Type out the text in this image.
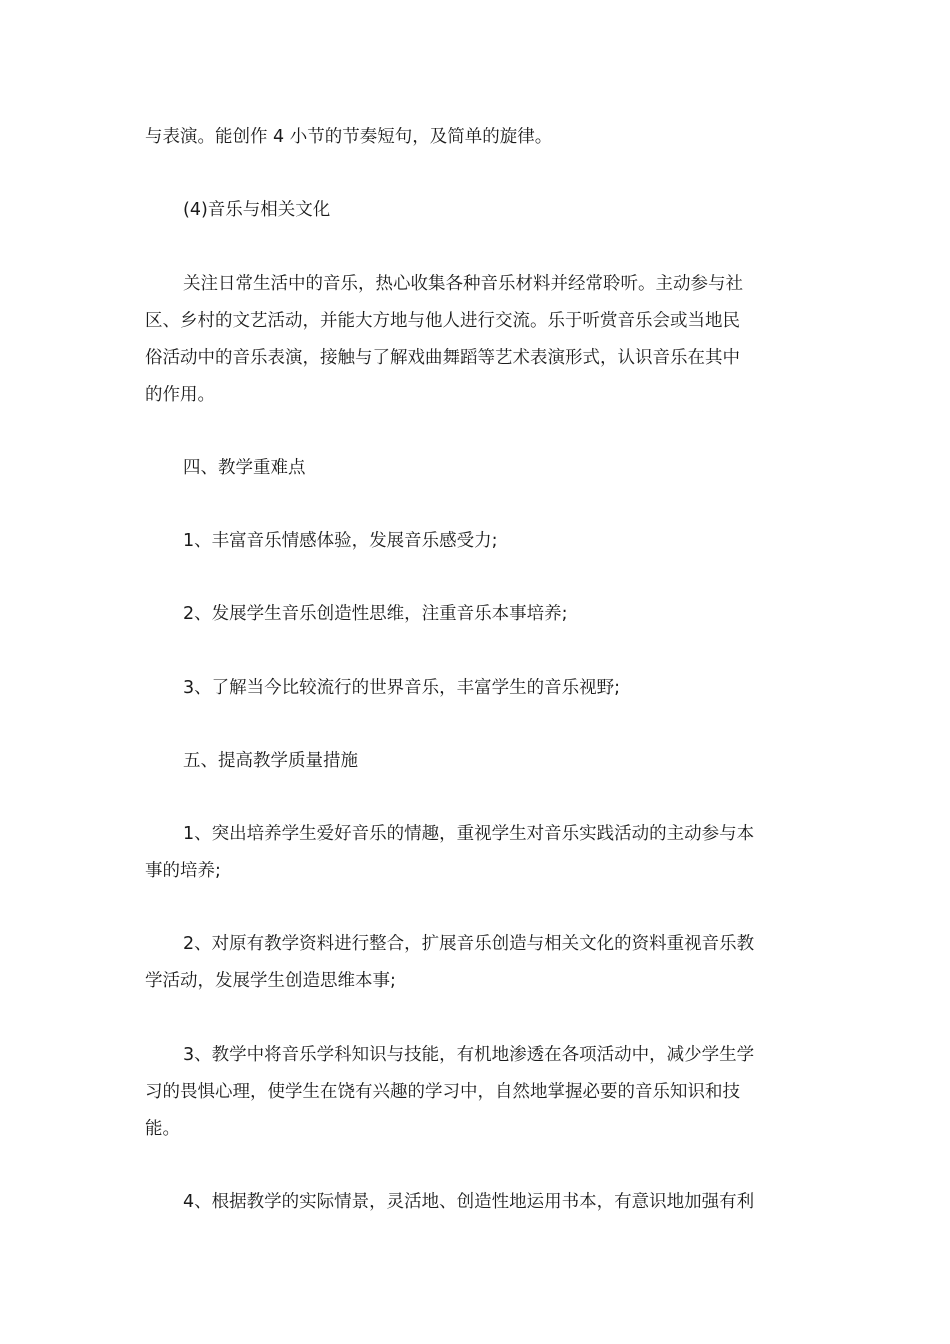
与表演。能创作 4 小节的节奏短句，及简单的旋律。

(4)音乐与相关文化

关注日常生活中的音乐，热心收集各种音乐材料并经常聆听。主动参与社
区、乡村的文艺活动，并能大方地与他人进行交流。乐于听赏音乐会或当地民
俗活动中的音乐表演，接触与了解戏曲舞蹈等艺术表演形式，认识音乐在其中
的作用。

四、教学重难点

1、丰富音乐情感体验，发展音乐感受力;

2、发展学生音乐创造性思维，注重音乐本事培养;

3、了解当今比较流行的世界音乐，丰富学生的音乐视野;

五、提高教学质量措施

1、突出培养学生爱好音乐的情趣，重视学生对音乐实践活动的主动参与本
事的培养;

2、对原有教学资料进行整合，扩展音乐创造与相关文化的资料重视音乐教
学活动，发展学生创造思维本事;

3、教学中将音乐学科知识与技能，有机地渗透在各项活动中，减少学生学
习的畏惧心理，使学生在饶有兴趣的学习中，自然地掌握必要的音乐知识和技
能。

4、根据教学的实际情景，灵活地、创造性地运用书本，有意识地加强有利
